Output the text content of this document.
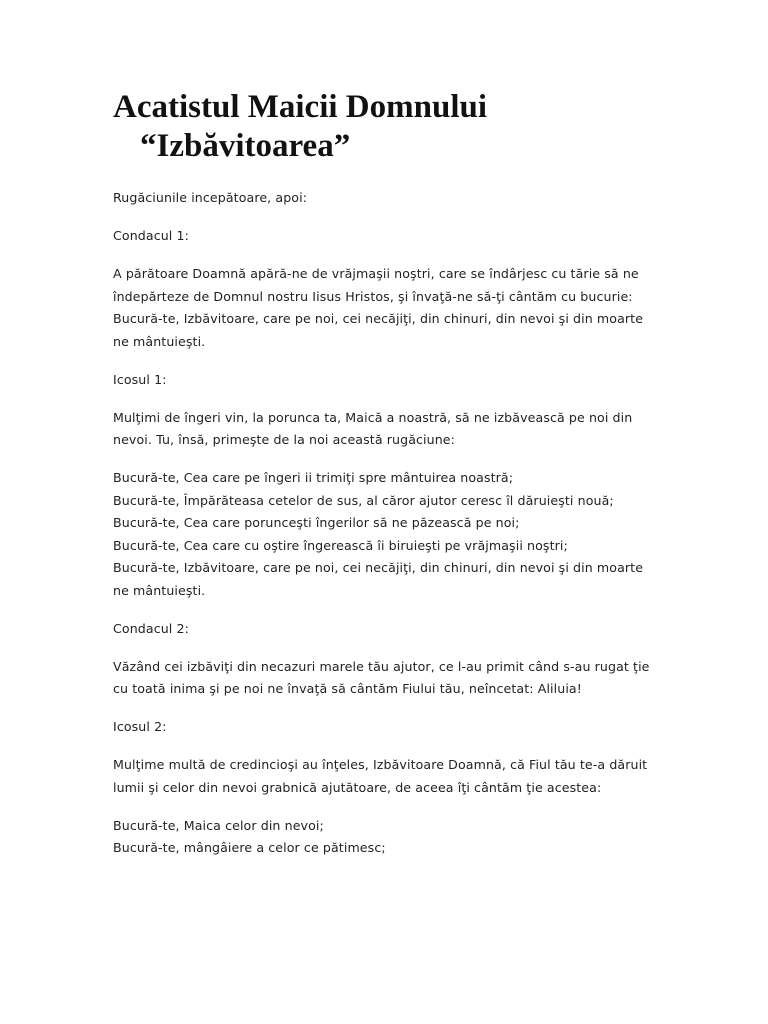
Acatistul Maicii Domnului
“Izbăvitoarea”

Rugăciunile incepătoare, apoi:

Condacul 1:

A părătoare Doamnă apără-ne de vrăjmaşii noştri, care se îndârjesc cu tărie să ne îndepărteze de Domnul nostru Iisus Hristos, şi învaţă-ne să-ţi cântăm cu bucurie: Bucură-te, Izbăvitoare, care pe noi, cei necăjiţi, din chinuri, din nevoi şi din moarte ne mântuieşti.

Icosul 1:

Mulţimi de îngeri vin, la porunca ta, Maică a noastră, să ne izbăvească pe noi din nevoi. Tu, însă, primeşte de la noi această rugăciune:

Bucură-te, Cea care pe îngeri ii trimiţi spre mântuirea noastră;

Bucură-te, Împărăteasa cetelor de sus, al căror ajutor ceresc îl dăruieşti nouă;

Bucură-te, Cea care porunceşti îngerilor să ne păzească pe noi;

Bucură-te, Cea care cu oştire îngerească îi biruieşti pe vrăjmaşii noştri;

Bucură-te, Izbăvitoare, care pe noi, cei necăjiţi, din chinuri, din nevoi şi din moarte ne mântuieşti.

Condacul 2:

Văzând cei izbăviţi din necazuri marele tău ajutor, ce l-au primit când s-au rugat ţie cu toată inima şi pe noi ne învaţă să cântăm Fiului tău, neîncetat: Aliluia!

Icosul 2:

Mulţime multă de credincioşi au înţeles, Izbăvitoare Doamnă, că Fiul tău te-a dăruit lumii şi celor din nevoi grabnică ajutătoare, de aceea îţi cântăm ţie acestea:

Bucură-te, Maica celor din nevoi;

Bucură-te, mângâiere a celor ce pătimesc;
